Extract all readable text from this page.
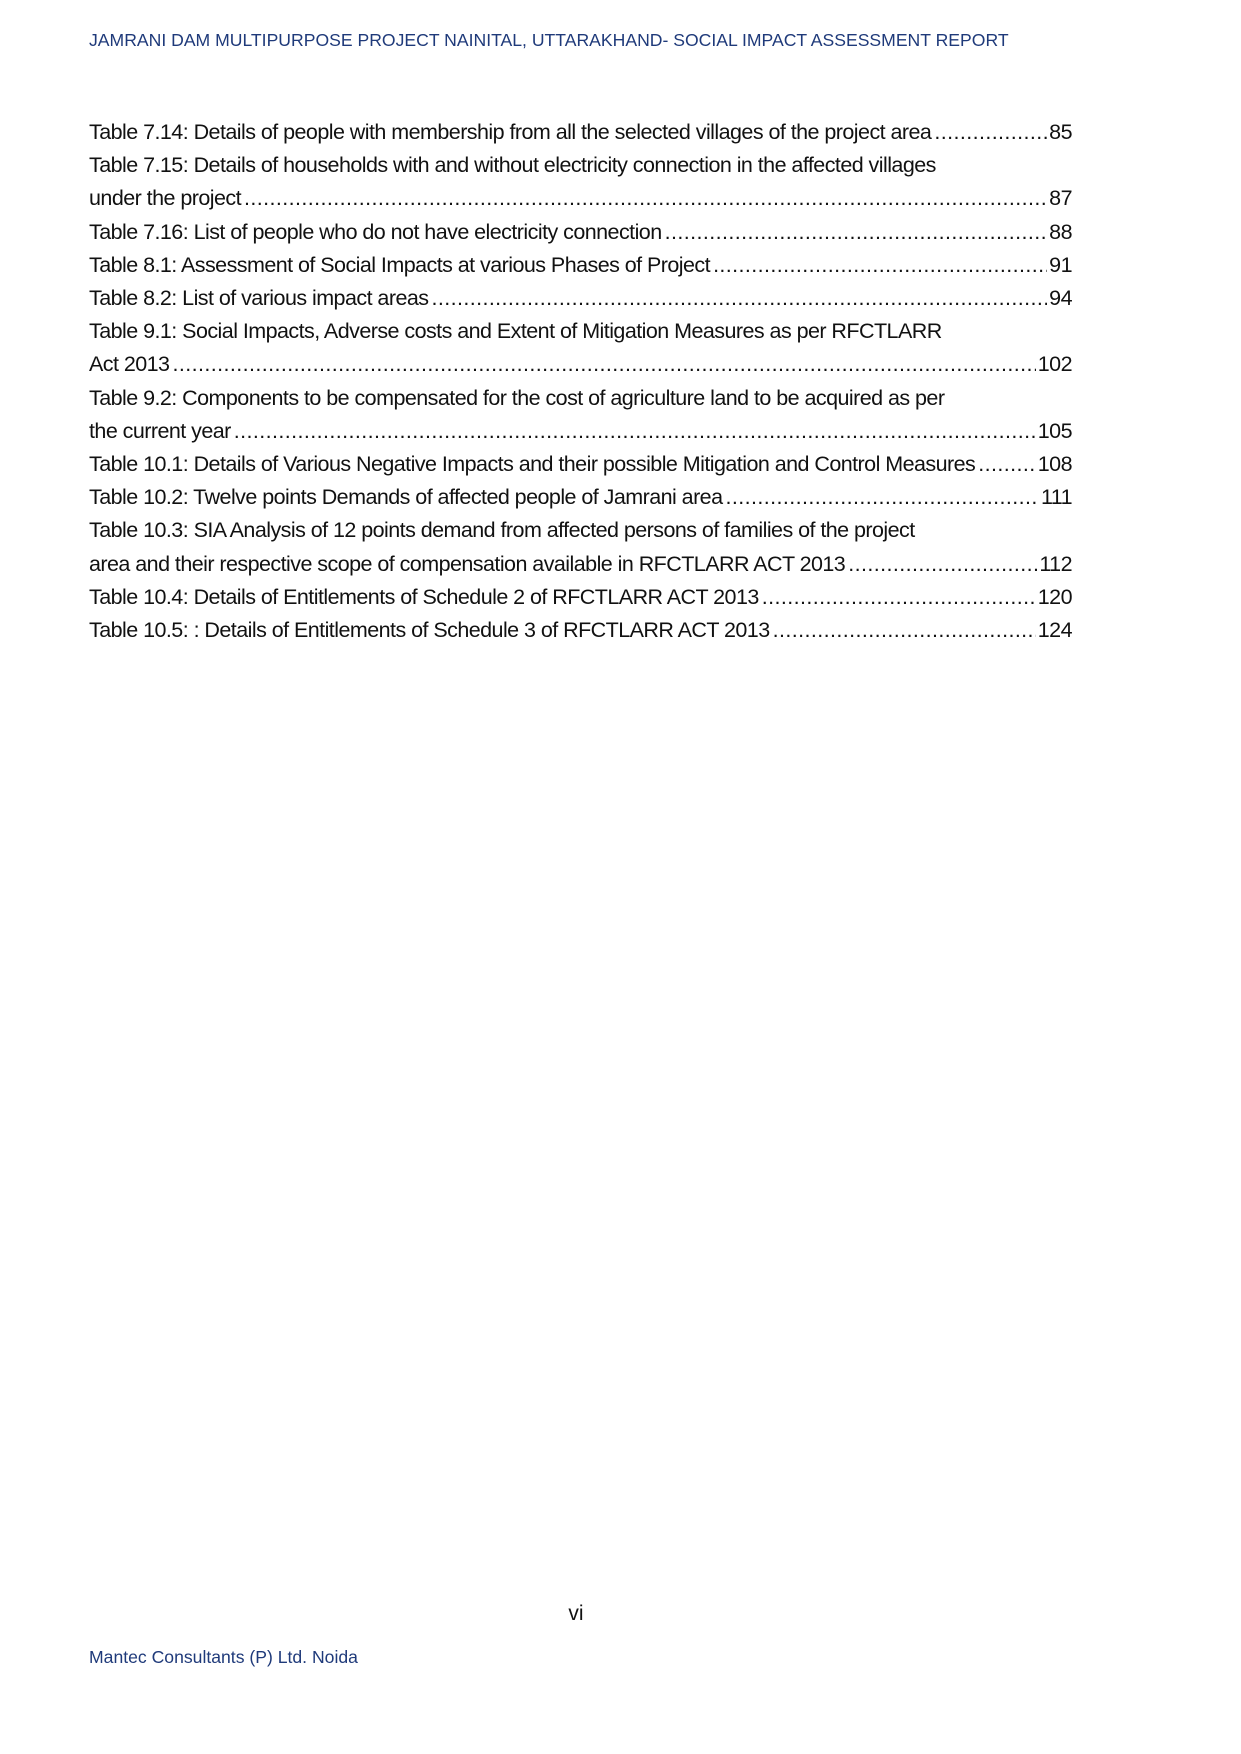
JAMRANI DAM MULTIPURPOSE PROJECT NAINITAL, UTTARAKHAND- SOCIAL IMPACT ASSESSMENT REPORT
Table 7.14: Details of people with membership from all the selected villages of the project area .....	85
Table 7.15: Details of households with and without electricity connection in the affected villages
under the project .....	87
Table 7.16: List of people who do not have electricity connection .....	88
Table 8.1: Assessment of Social Impacts at various Phases of Project .....	91
Table 8.2: List of various impact areas .....	94
Table 9.1: Social Impacts, Adverse costs and Extent of Mitigation Measures as per RFCTLARR
Act 2013 .....	102
Table 9.2: Components to be compensated for the cost of agriculture land to be acquired as per
the current year .....	105
Table 10.1: Details of Various Negative Impacts and their possible Mitigation and Control Measures .....	108
Table 10.2: Twelve points Demands of affected people of Jamrani area .....	111
Table 10.3: SIA Analysis of 12 points demand from affected persons of families of the project
area and their respective scope of compensation available in RFCTLARR ACT 2013 .....	112
Table 10.4: Details of Entitlements of Schedule 2 of RFCTLARR ACT 2013 .....	120
Table 10.5: : Details of Entitlements of Schedule 3 of RFCTLARR ACT 2013 .....	124
vi
Mantec Consultants (P) Ltd. Noida
